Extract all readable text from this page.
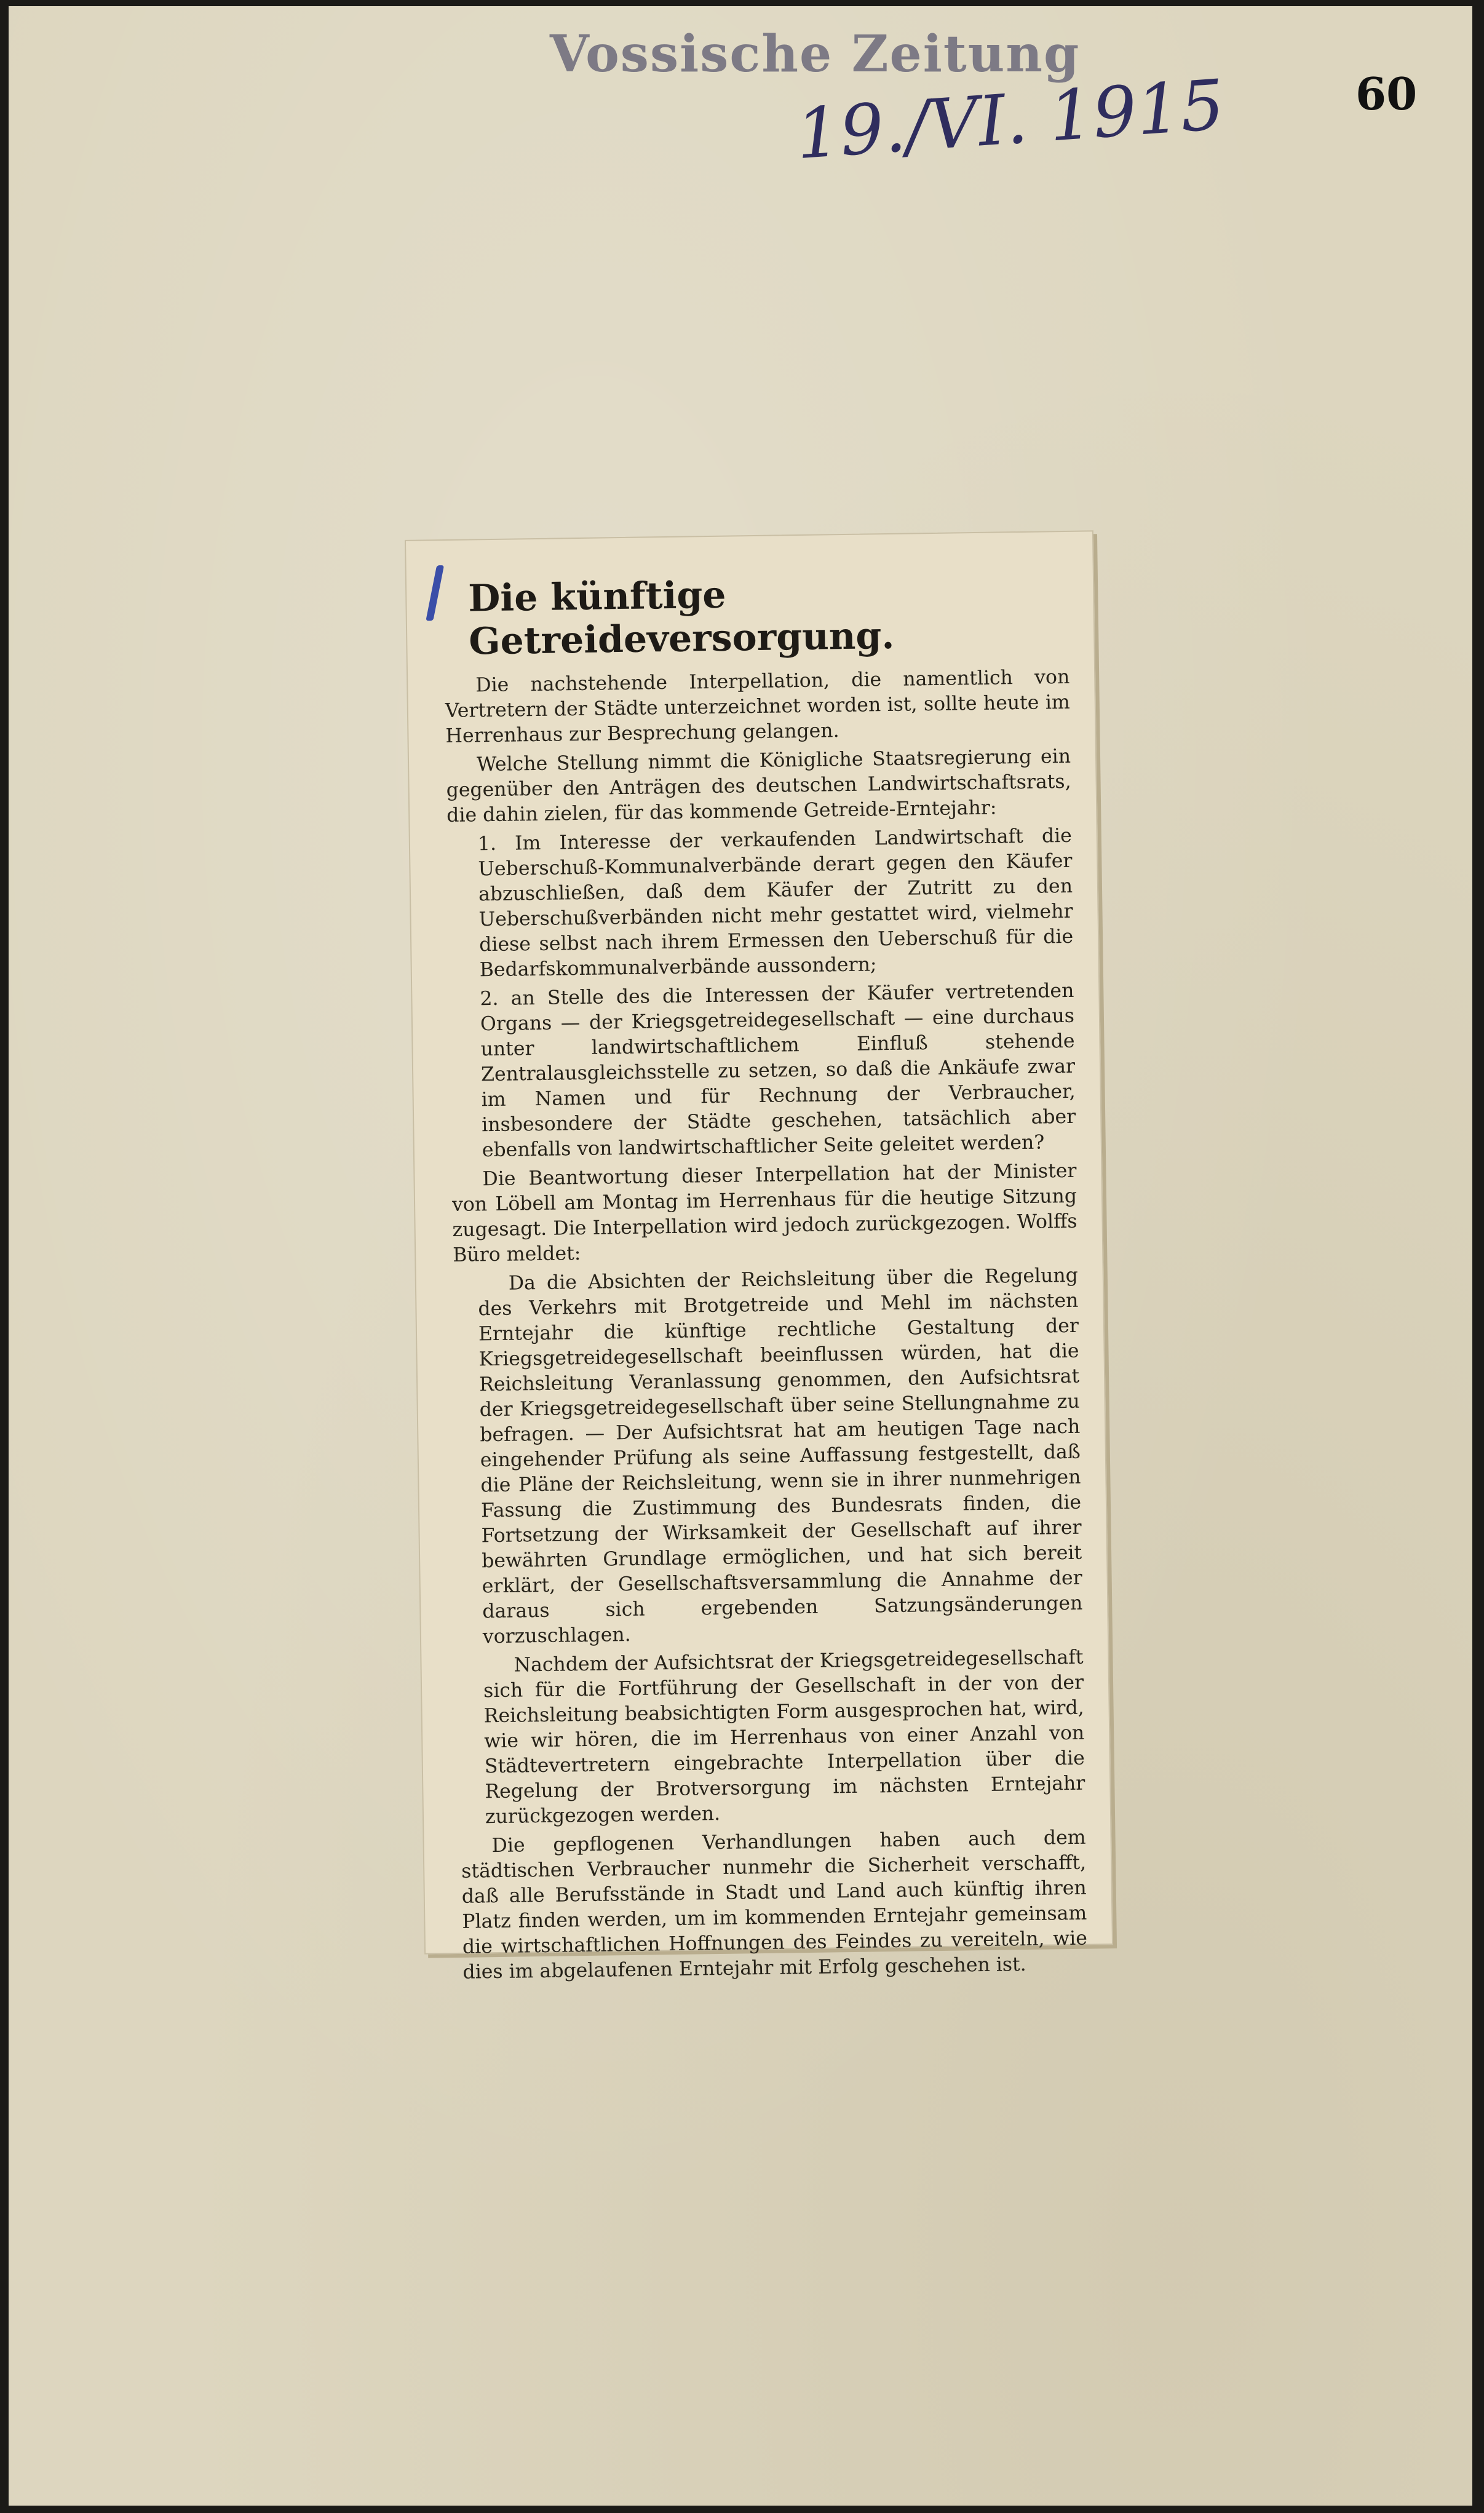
Vossische Zeitung
19./VI. 1915	60
Die künftige Getreideversorgung.

Die nachstehende Interpellation, die namentlich von Vertretern der Städte unterzeichnet worden ist, sollte heute im Herrenhaus zur Besprechung gelangen.

Welche Stellung nimmt die Königliche Staatsregierung ein gegenüber den Anträgen des deutschen Landwirtschaftsrats, die dahin zielen, für das kommende Getreide-Erntejahr:

1. Im Interesse der verkaufenden Landwirtschaft die Ueberschuß-Kommunalverbände derart gegen den Käufer abzuschließen, daß dem Käufer der Zutritt zu den Ueberschußverbänden nicht mehr gestattet wird, vielmehr diese selbst nach ihrem Ermessen den Ueberschuß für die Bedarfskommunalverbände aussondern;

2. an Stelle des die Interessen der Käufer vertretenden Organs — der Kriegsgetreidegesellschaft — eine durchaus unter landwirtschaftlichem Einfluß stehende Zentralausgleichsstelle zu setzen, so daß die Ankäufe zwar im Namen und für Rechnung der Verbraucher, insbesondere der Städte geschehen, tatsächlich aber ebenfalls von landwirtschaftlicher Seite geleitet werden?

Die Beantwortung dieser Interpellation hat der Minister von Löbell am Montag im Herrenhaus für die heutige Sitzung zugesagt. Die Interpellation wird jedoch zurückgezogen. Wolffs Büro meldet:

Da die Absichten der Reichsleitung über die Regelung des Verkehrs mit Brotgetreide und Mehl im nächsten Erntejahr die künftige rechtliche Gestaltung der Kriegsgetreidegesellschaft beeinflussen würden, hat die Reichsleitung Veranlassung genommen, den Aufsichtsrat der Kriegsgetreidegesellschaft über seine Stellungnahme zu befragen. — Der Aufsichtsrat hat am heutigen Tage nach eingehender Prüfung als seine Auffassung festgestellt, daß die Pläne der Reichsleitung, wenn sie in ihrer nunmehrigen Fassung die Zustimmung des Bundesrats finden, die Fortsetzung der Wirksamkeit der Gesellschaft auf ihrer bewährten Grundlage ermöglichen, und hat sich bereit erklärt, der Gesellschaftsversammlung die Annahme der daraus sich ergebenden Satzungsänderungen vorzuschlagen.

Nachdem der Aufsichtsrat der Kriegsgetreidegesellschaft sich für die Fortführung der Gesellschaft in der von der Reichsleitung beabsichtigten Form ausgesprochen hat, wird, wie wir hören, die im Herrenhaus von einer Anzahl von Städtevertretern eingebrachte Interpellation über die Regelung der Brotversorgung im nächsten Erntejahr zurückgezogen werden.

Die gepflogenen Verhandlungen haben auch dem städtischen Verbraucher nunmehr die Sicherheit verschafft, daß alle Berufsstände in Stadt und Land auch künftig ihren Platz finden werden, um im kommenden Erntejahr gemeinsam die wirtschaftlichen Hoffnungen des Feindes zu vereiteln, wie dies im abgelaufenen Erntejahr mit Erfolg geschehen ist.
